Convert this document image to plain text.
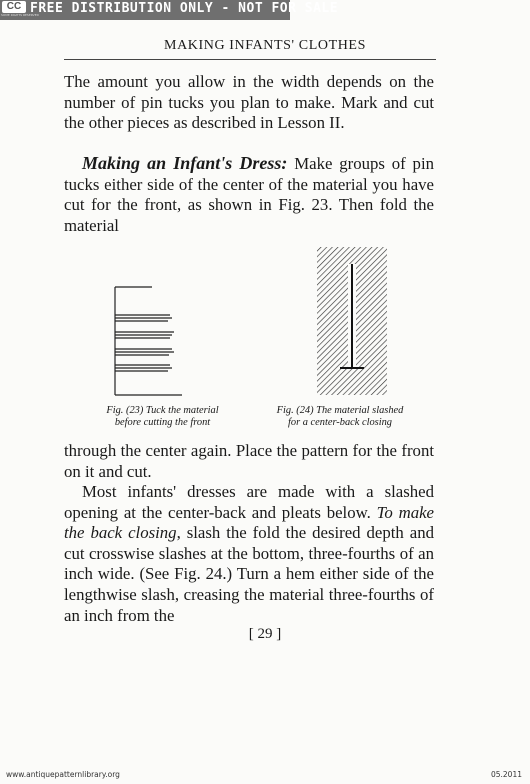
CC
SOME RIGHTS RESERVED
FREE DISTRIBUTION ONLY - NOT FOR SALE
MAKING INFANTS' CLOTHES

The amount you allow in the width depends on the number of pin tucks you plan to make. Mark and cut the other pieces as described in Lesson II.

Making an Infant's Dress: Make groups of pin tucks either side of the center of the material you have cut for the front, as shown in Fig. 23. Then fold the material

Fig. (23) Tuck the material
before cutting the front
Fig. (24) The material slashed
for a center-back closing

through the center again. Place the pattern for the front on it and cut.

Most infants' dresses are made with a slashed opening at the center-back and pleats below. To make the back closing, slash the fold the desired depth and cut crosswise slashes at the bottom, three-fourths of an inch wide. (See Fig. 24.) Turn a hem either side of the lengthwise slash, creasing the material three-fourths of an inch from the

[ 29 ]
www.antiquepatternlibrary.org	05.2011
